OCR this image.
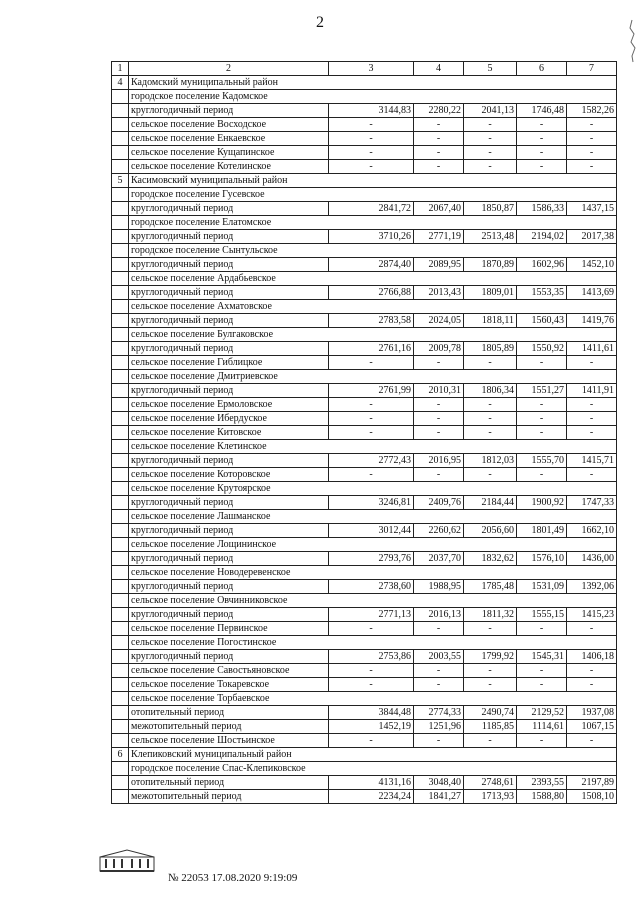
2
1	2	3	4	5	6	7
4	Кадомский муниципальный район					
	городское поселение Кадомское					
	круглогодичный период	3144,83	2280,22	2041,13	1746,48	1582,26
	сельское поселение Восходское	-	-	-	-	-
	сельское поселение Енкаевское	-	-	-	-	-
	сельское поселение Кущапинское	-	-	-	-	-
	сельское поселение Котелинское	-	-	-	-	-
5	Касимовский муниципальный район					
	городское поселение Гусевское					
	круглогодичный период	2841,72	2067,40	1850,87	1586,33	1437,15
	городское поселение Елатомское					
	круглогодичный период	3710,26	2771,19	2513,48	2194,02	2017,38
	городское поселение Сынтульское					
	круглогодичный период	2874,40	2089,95	1870,89	1602,96	1452,10
	сельское поселение Ардабьевское					
	круглогодичный период	2766,88	2013,43	1809,01	1553,35	1413,69
	сельское поселение Ахматовское					
	круглогодичный период	2783,58	2024,05	1818,11	1560,43	1419,76
	сельское поселение Булгаковское					
	круглогодичный период	2761,16	2009,78	1805,89	1550,92	1411,61
	сельское поселение Гиблицкое	-	-	-	-	-
	сельское поселение Дмитриевское					
	круглогодичный период	2761,99	2010,31	1806,34	1551,27	1411,91
	сельское поселение Ермоловское	-	-	-	-	-
	сельское поселение Ибердуское	-	-	-	-	-
	сельское поселение Китовское	-	-	-	-	-
	сельское поселение Клетинское					
	круглогодичный период	2772,43	2016,95	1812,03	1555,70	1415,71
	сельское поселение Которовское	-	-	-	-	-
	сельское поселение Крутоярское					
	круглогодичный период	3246,81	2409,76	2184,44	1900,92	1747,33
	сельское поселение Лашманское					
	круглогодичный период	3012,44	2260,62	2056,60	1801,49	1662,10
	сельское поселение Лощининское					
	круглогодичный период	2793,76	2037,70	1832,62	1576,10	1436,00
	сельское поселение Новодеревенское					
	круглогодичный период	2738,60	1988,95	1785,48	1531,09	1392,06
	сельское поселение Овчинниковское					
	круглогодичный период	2771,13	2016,13	1811,32	1555,15	1415,23
	сельское поселение Первинское	-	-	-	-	-
	сельское поселение Погостинское					
	круглогодичный период	2753,86	2003,55	1799,92	1545,31	1406,18
	сельское поселение Савостьяновское	-	-	-	-	-
	сельское поселение Токаревское	-	-	-	-	-
	сельское поселение Торбаевское					
	отопительный период	3844,48	2774,33	2490,74	2129,52	1937,08
	межотопительный период	1452,19	1251,96	1185,85	1114,61	1067,15
	сельское поселение Шостьинское	-	-	-	-	-
6	Клепиковский муниципальный район					
	городское поселение Спас-Клепиковское					
	отопительный период	4131,16	3048,40	2748,61	2393,55	2197,89
	межотопительный период	2234,24	1841,27	1713,93	1588,80	1508,10
№ 22053 17.08.2020 9:19:09
